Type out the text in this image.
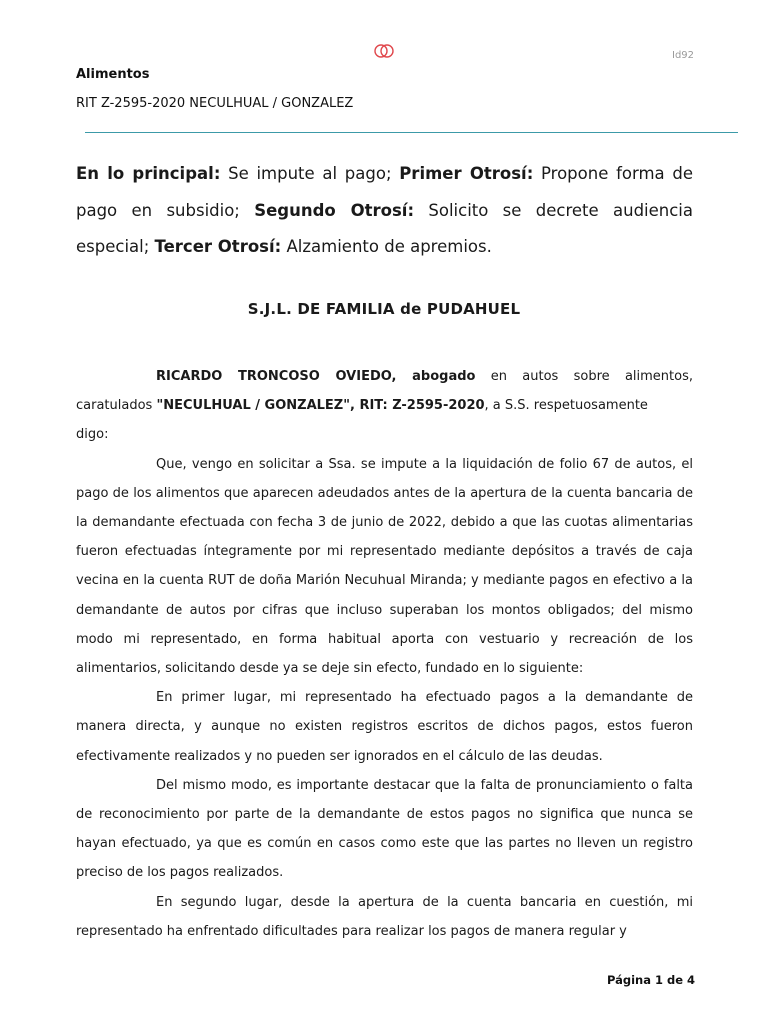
Id92
Alimentos
RIT Z-2595-2020 NECULHUAL / GONZALEZ
En lo principal: Se impute al pago; Primer Otrosí: Propone forma de pago en subsidio; Segundo Otrosí: Solicito se decrete audiencia especial; Tercer Otrosí: Alzamiento de apremios.
S.J.L. DE FAMILIA de PUDAHUEL

RICARDO TRONCOSO OVIEDO, abogado en autos sobre alimentos, caratulados "NECULHUAL / GONZALEZ", RIT: Z-2595-2020, a S.S. respetuosamente

digo:

Que, vengo en solicitar a Ssa. se impute a la liquidación de folio 67 de autos, el pago de los alimentos que aparecen adeudados antes de la apertura de la cuenta bancaria de la demandante efectuada con fecha 3 de junio de 2022, debido a que las cuotas alimentarias fueron efectuadas íntegramente por mi representado mediante depósitos a través de caja vecina en la cuenta RUT de doña Marión Necuhual Miranda; y mediante pagos en efectivo a la demandante de autos por cifras que incluso superaban los montos obligados; del mismo modo mi representado, en forma habitual aporta con vestuario y recreación de los alimentarios, solicitando desde ya se deje sin efecto, fundado en lo siguiente:

En primer lugar, mi representado ha efectuado pagos a la demandante de manera directa, y aunque no existen registros escritos de dichos pagos, estos fueron efectivamente realizados y no pueden ser ignorados en el cálculo de las deudas.

Del mismo modo, es importante destacar que la falta de pronunciamiento o falta de reconocimiento por parte de la demandante de estos pagos no significa que nunca se hayan efectuado, ya que es común en casos como este que las partes no lleven un registro preciso de los pagos realizados.

En segundo lugar, desde la apertura de la cuenta bancaria en cuestión, mi representado ha enfrentado dificultades para realizar los pagos de manera regular y

Página 1 de 4
